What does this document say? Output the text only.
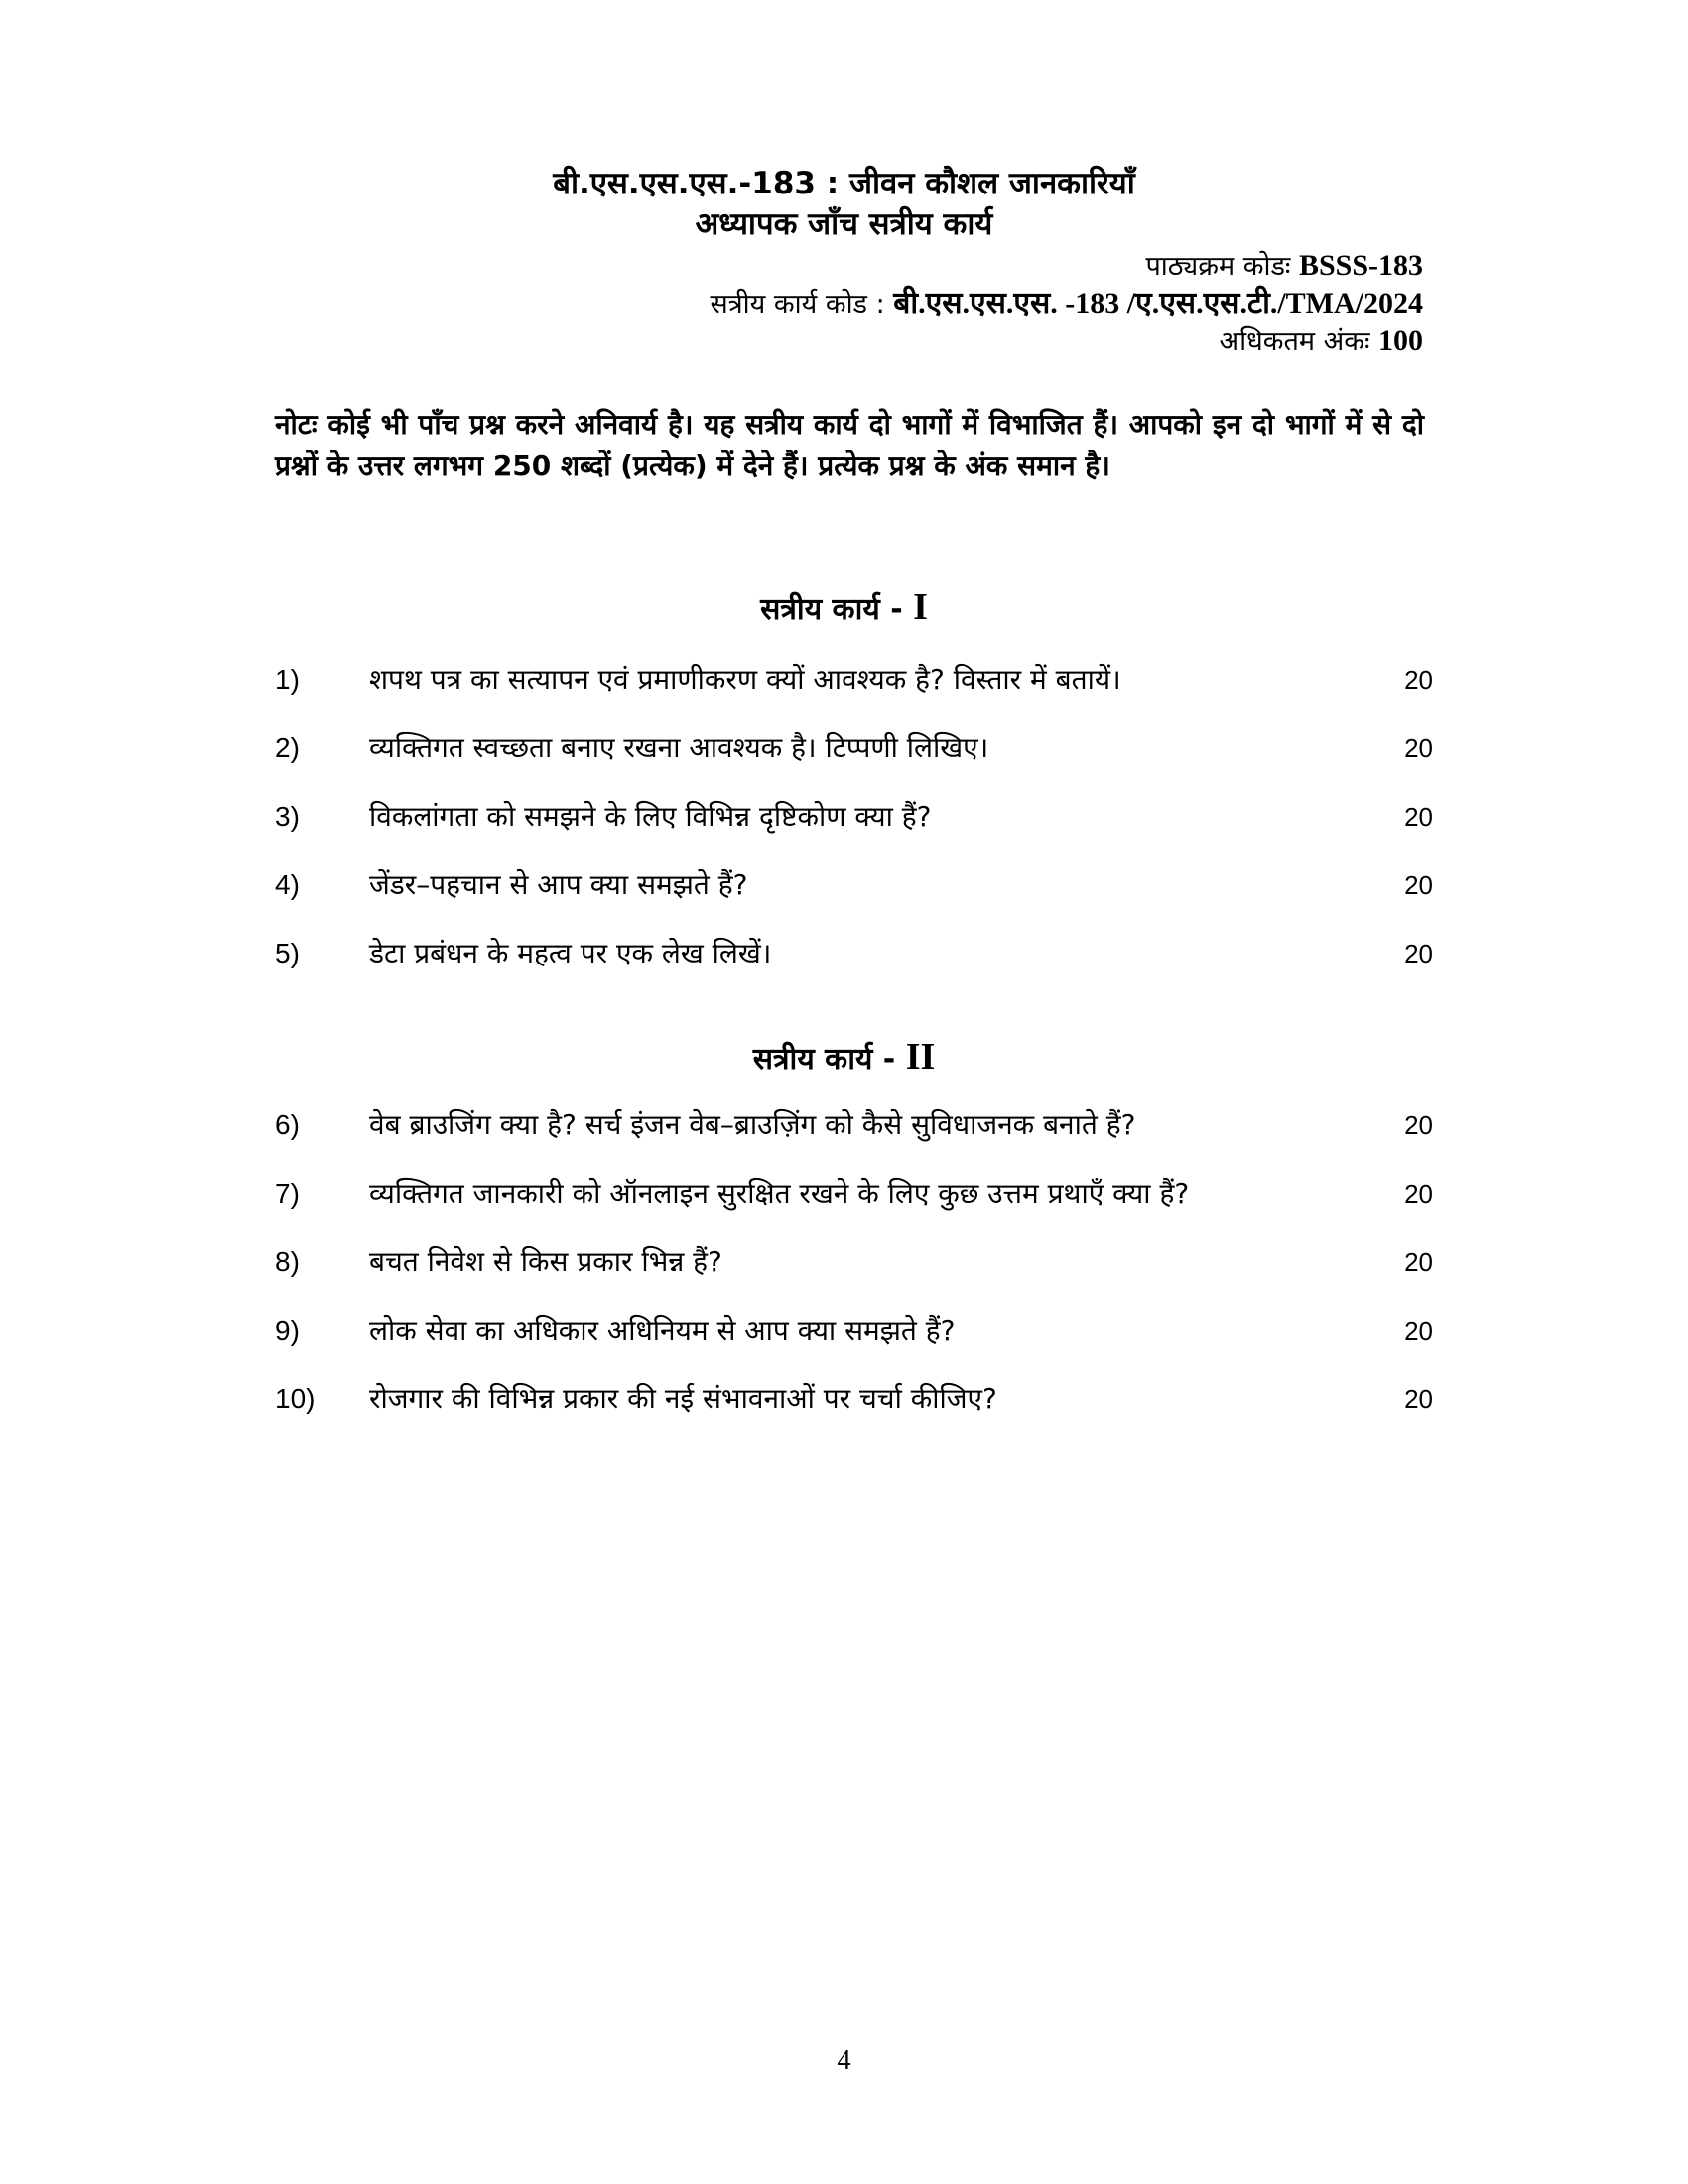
बी.एस.एस.एस.-183 : जीवन कौशल जानकारियाँ
अध्यापक जाँच सत्रीय कार्य
पाठ्यक्रम कोडः BSSS-183
सत्रीय कार्य कोड : बी.एस.एस.एस. -183 /ए.एस.एस.टी./TMA/2024
अधिकतम अंकः 100
नोटः कोई भी पाँच प्रश्न करने अनिवार्य है। यह सत्रीय कार्य दो भागों में विभाजित हैं। आपको इन दो भागों में से दो प्रश्नों के उत्तर लगभग 250 शब्दों (प्रत्येक) में देने हैं। प्रत्येक प्रश्न के अंक समान है।
सत्रीय कार्य - I
1)	शपथ पत्र का सत्यापन एवं प्रमाणीकरण क्यों आवश्यक है? विस्तार में बतायें।	20
2)	व्यक्तिगत स्वच्छता बनाए रखना आवश्यक है। टिप्पणी लिखिए।	20
3)	विकलांगता को समझने के लिए विभिन्न दृष्टिकोण क्या हैं?	20
4)	जेंडर–पहचान से आप क्या समझते हैं?	20
5)	डेटा प्रबंधन के महत्व पर एक लेख लिखें।	20
सत्रीय कार्य - II
6)	वेब ब्राउजिंग क्या है? सर्च इंजन वेब–ब्राउज़िंग को कैसे सुविधाजनक बनाते हैं?	20
7)	व्यक्तिगत जानकारी को ऑनलाइन सुरक्षित रखने के लिए कुछ उत्तम प्रथाएँ क्या हैं?	20
8)	बचत निवेश से किस प्रकार भिन्न हैं?	20
9)	लोक सेवा का अधिकार अधिनियम से आप क्या समझते हैं?	20
10) रोजगार की विभिन्न प्रकार की नई संभावनाओं पर चर्चा कीजिए?	20
4
